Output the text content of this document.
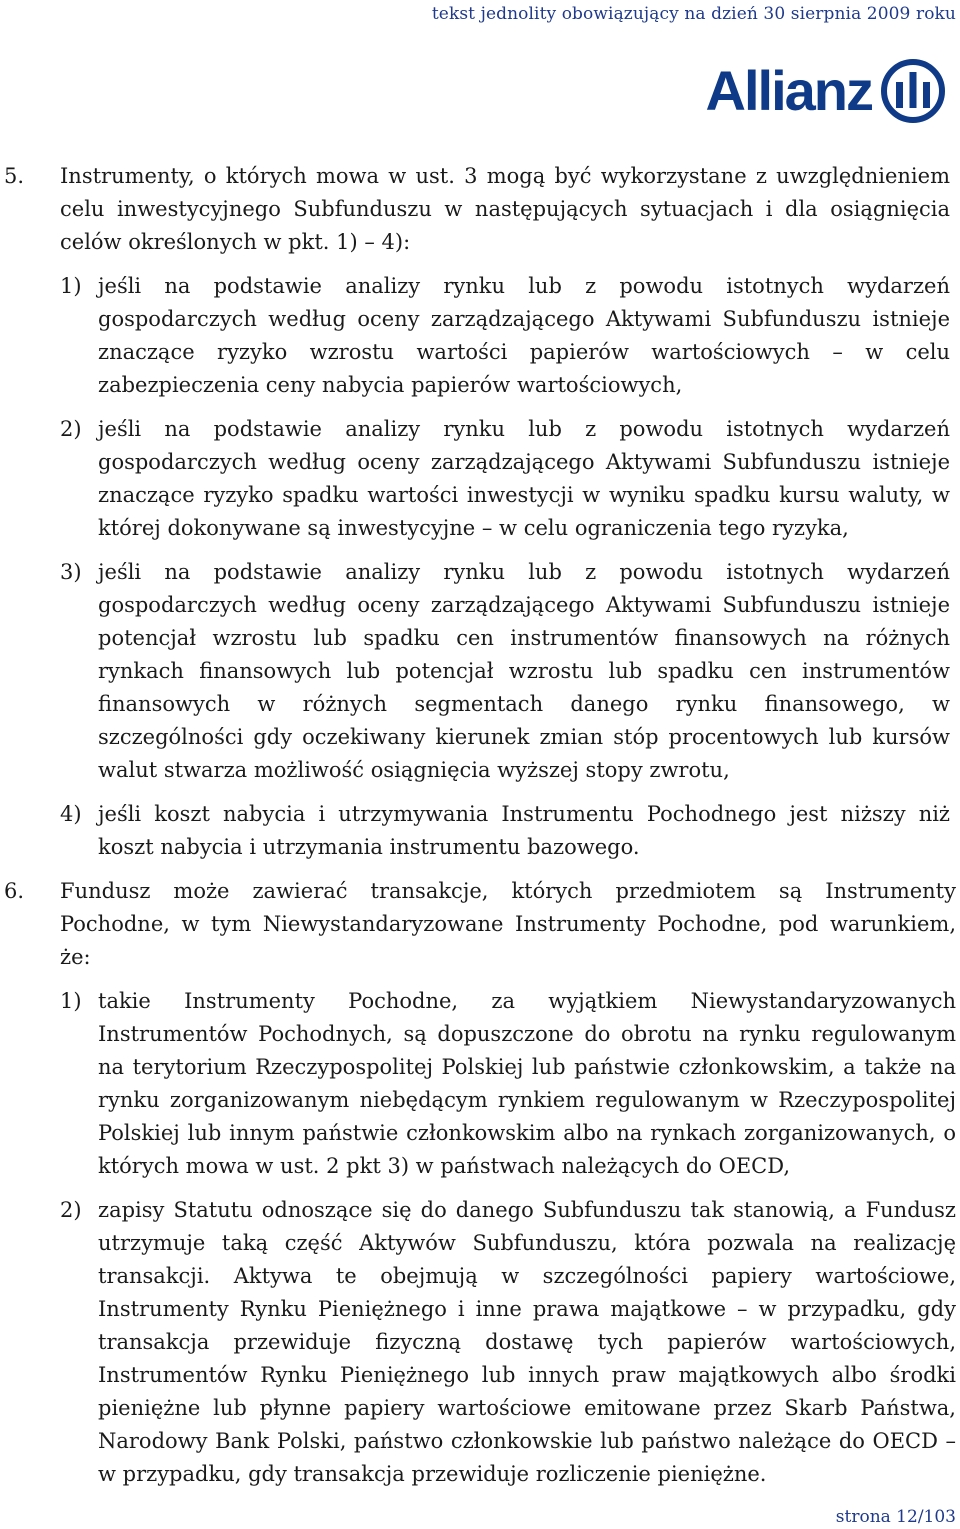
tekst jednolity obowiązujący na dzień 30 sierpnia 2009 roku
Allianz
5. Instrumenty, o których mowa w ust. 3 mogą być wykorzystane z uwzględnieniem celu inwestycyjnego Subfunduszu w następujących sytuacjach i dla osiągnięcia celów określonych w pkt. 1) – 4):
1) jeśli na podstawie analizy rynku lub z powodu istotnych wydarzeń gospodarczych według oceny zarządzającego Aktywami Subfunduszu istnieje znaczące ryzyko wzrostu wartości papierów wartościowych – w celu zabezpieczenia ceny nabycia papierów wartościowych,
2) jeśli na podstawie analizy rynku lub z powodu istotnych wydarzeń gospodarczych według oceny zarządzającego Aktywami Subfunduszu istnieje znaczące ryzyko spadku wartości inwestycji w wyniku spadku kursu waluty, w której dokonywane są inwestycyjne – w celu ograniczenia tego ryzyka,
3) jeśli na podstawie analizy rynku lub z powodu istotnych wydarzeń gospodarczych według oceny zarządzającego Aktywami Subfunduszu istnieje potencjał wzrostu lub spadku cen instrumentów finansowych na różnych rynkach finansowych lub potencjał wzrostu lub spadku cen instrumentów finansowych w różnych segmentach danego rynku finansowego, w szczególności gdy oczekiwany kierunek zmian stóp procentowych lub kursów walut stwarza możliwość osiągnięcia wyższej stopy zwrotu,
4) jeśli koszt nabycia i utrzymywania Instrumentu Pochodnego jest niższy niż koszt nabycia i utrzymania instrumentu bazowego.
6. Fundusz może zawierać transakcje, których przedmiotem są Instrumenty Pochodne, w tym Niewystandaryzowane Instrumenty Pochodne, pod warunkiem, że:
1) takie Instrumenty Pochodne, za wyjątkiem Niewystandaryzowanych Instrumentów Pochodnych, są dopuszczone do obrotu na rynku regulowanym na terytorium Rzeczypospolitej Polskiej lub państwie członkowskim, a także na rynku zorganizowanym niebędącym rynkiem regulowanym w Rzeczypospolitej Polskiej lub innym państwie członkowskim albo na rynkach zorganizowanych, o których mowa w ust. 2 pkt 3) w państwach należących do OECD,
2) zapisy Statutu odnoszące się do danego Subfunduszu tak stanowią, a Fundusz utrzymuje taką część Aktywów Subfunduszu, która pozwala na realizację transakcji. Aktywa te obejmują w szczególności papiery wartościowe, Instrumenty Rynku Pieniężnego i inne prawa majątkowe – w przypadku, gdy transakcja przewiduje fizyczną dostawę tych papierów wartościowych, Instrumentów Rynku Pieniężnego lub innych praw majątkowych albo środki pieniężne lub płynne papiery wartościowe emitowane przez Skarb Państwa, Narodowy Bank Polski, państwo członkowskie lub państwo należące do OECD – w przypadku, gdy transakcja przewiduje rozliczenie pieniężne.
strona 12/103
